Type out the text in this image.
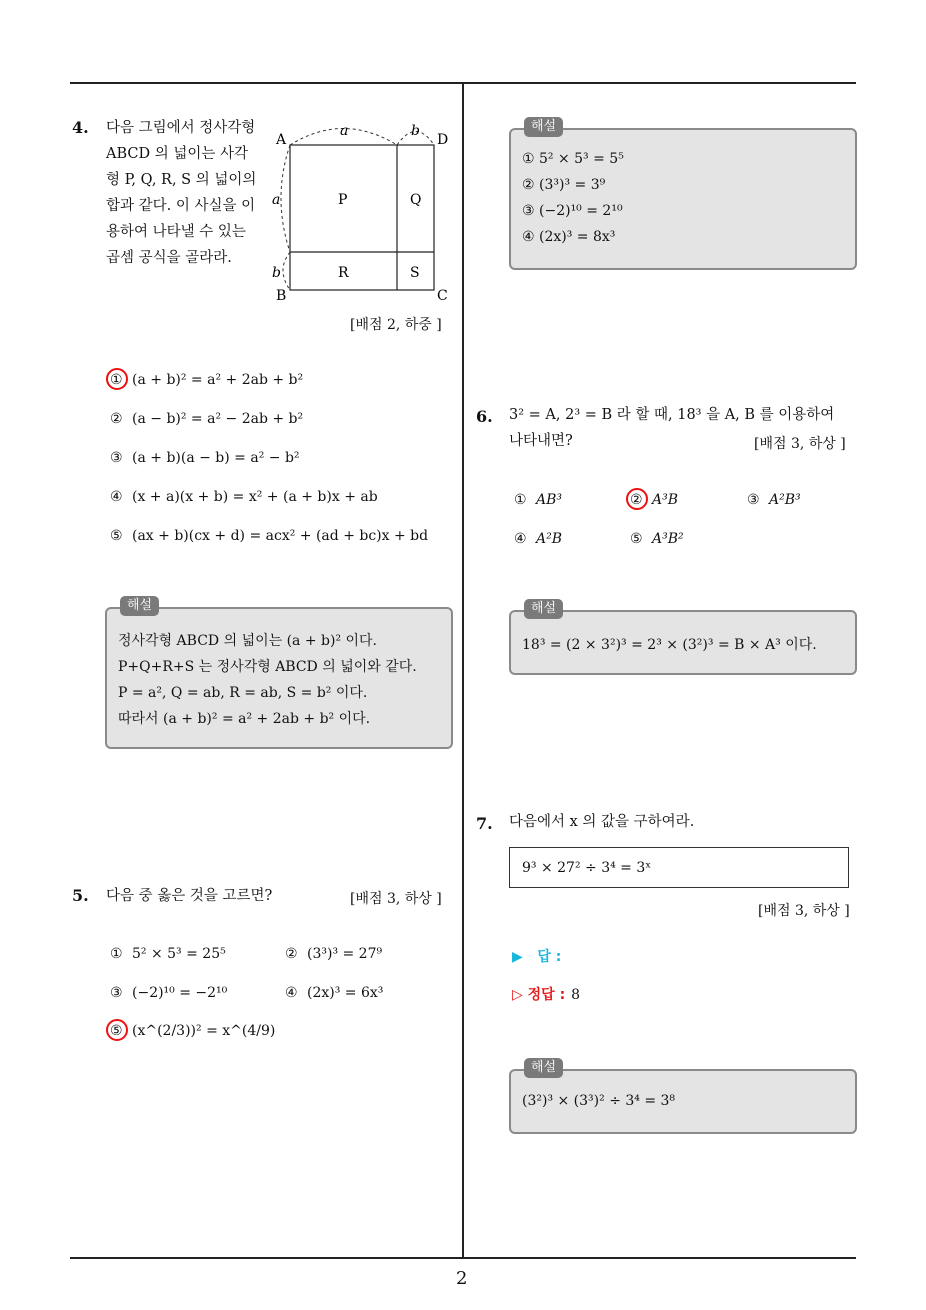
2
4. 다음 그림에서 정사각형 ABCD 의 넓이는 사각형 P, Q, R, S 의 넓이의 합과 같다. 이 사실을 이용하여 나타낼 수 있는 곱셈 공식을 골라라.
A	D
B	C
a	b
a
b
P	Q
R	S
[배점 2, 하중 ]
① (a + b)² = a² + 2ab + b²
② (a − b)² = a² − 2ab + b²
③ (a + b)(a − b) = a² − b²
④ (x + a)(x + b) = x² + (a + b)x + ab
⑤ (ax + b)(cx + d) = acx² + (ad + bc)x + bd
해설
정사각형 ABCD 의 넓이는 (a + b)² 이다.
P+Q+R+S 는 정사각형 ABCD 의 넓이와 같다.
P = a², Q = ab, R = ab, S = b² 이다.
따라서 (a + b)² = a² + 2ab + b² 이다.
5. 다음 중 옳은 것을 고르면?	[배점 3, 하상 ]
① 5² × 5³ = 25⁵	② (3³)³ = 27⁹
③ (−2)¹⁰ = −2¹⁰	④ (2x)³ = 6x³
⑤ (x^(2/3))² = x^(4/9)
해설
① 5² × 5³ = 5⁵
② (3³)³ = 3⁹
③ (−2)¹⁰ = 2¹⁰
④ (2x)³ = 8x³
6. 3² = A, 2³ = B 라 할 때, 18³ 을 A, B 를 이용하여
나타내면?	[배점 3, 하상 ]
① AB³	② A³B	③ A²B³
④ A²B	⑤ A³B²
해설
18³ = (2 × 3²)³ = 2³ × (3²)³ = B × A³ 이다.
7. 다음에서 x 의 값을 구하여라.
9³ × 27² ÷ 3⁴ = 3ˣ
[배점 3, 하상 ]
▶   답 :
▷ 정답 : 8
해설
(3²)³ × (3³)² ÷ 3⁴ = 3⁸
